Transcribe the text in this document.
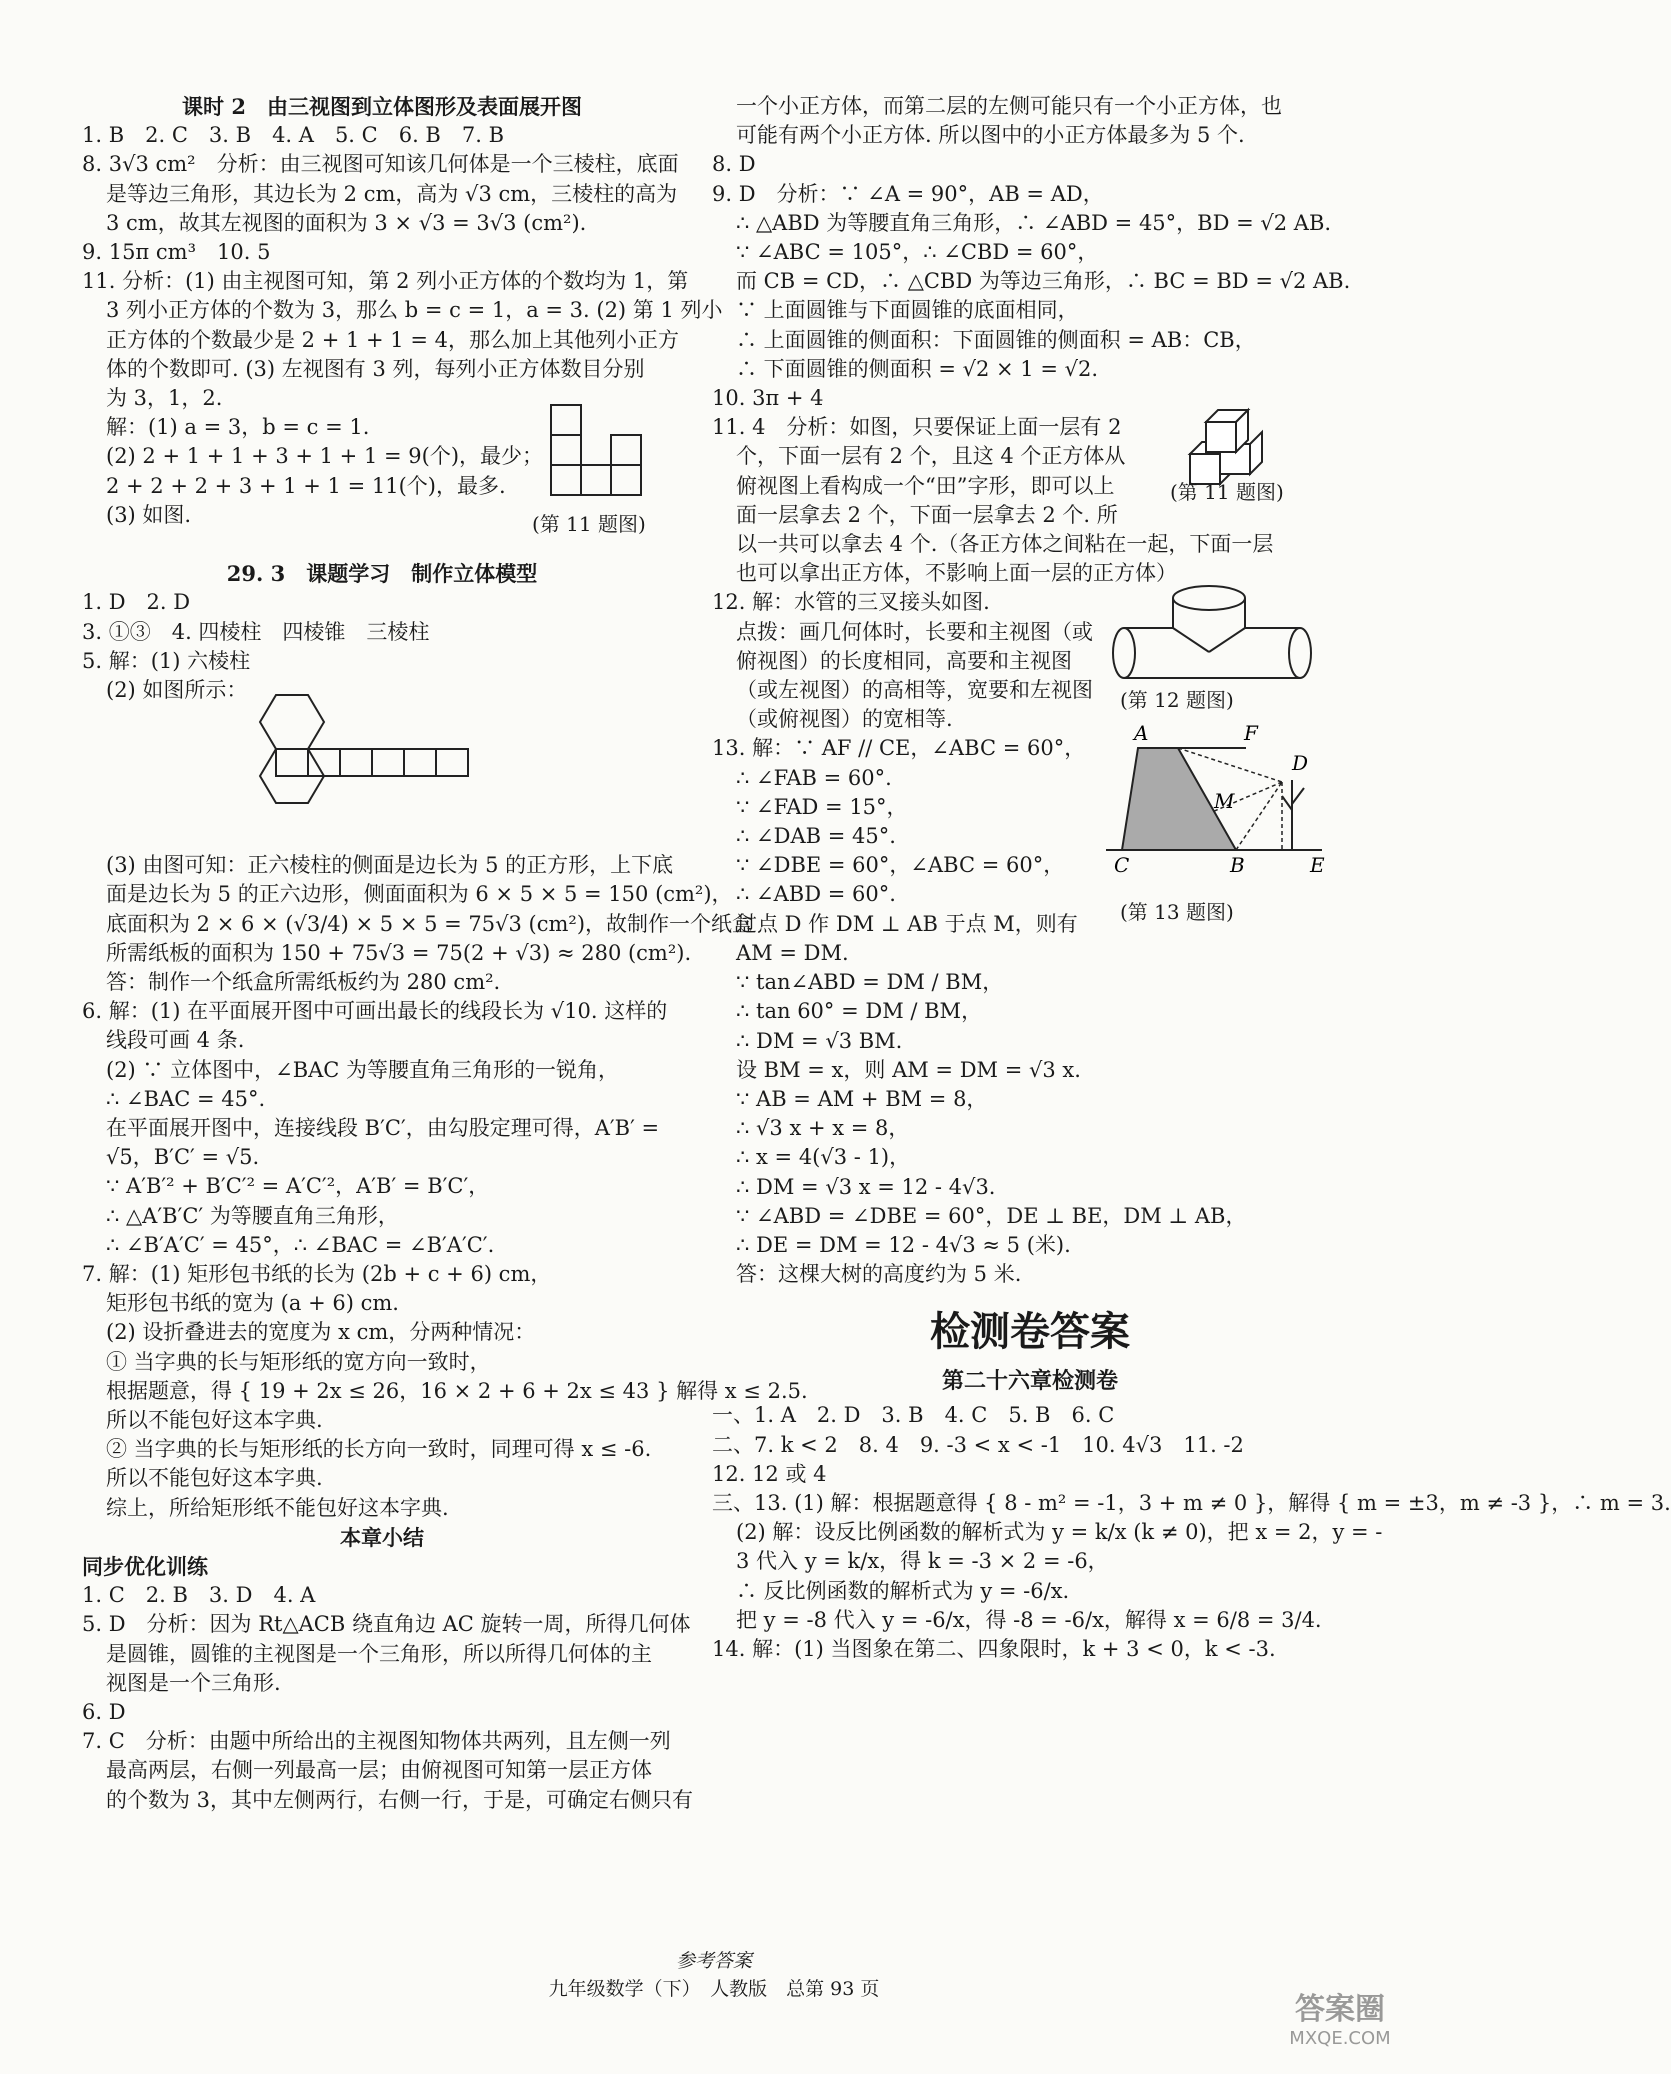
课时 2　由三视图到立体图形及表面展开图
1. B　2. C　3. B　4. A　5. C　6. B　7. B
8. 3√3 cm²　分析：由三视图可知该几何体是一个三棱柱，底面
是等边三角形，其边长为 2 cm，高为 √3 cm，三棱柱的高为
3 cm，故其左视图的面积为 3 × √3 = 3√3 (cm²).
9. 15π cm³　10. 5
11. 分析：(1) 由主视图可知，第 2 列小正方体的个数均为 1，第
3 列小正方体的个数为 3，那么 b = c = 1，a = 3. (2) 第 1 列小
正方体的个数最少是 2 + 1 + 1 = 4，那么加上其他列小正方
体的个数即可. (3) 左视图有 3 列，每列小正方体数目分别
为 3，1，2.
解：(1) a = 3，b = c = 1.
(2) 2 + 1 + 1 + 3 + 1 + 1 = 9(个)，最少；
2 + 2 + 2 + 3 + 1 + 1 = 11(个)，最多.
(3) 如图.
29. 3　课题学习　制作立体模型
1. D　2. D
3. ①③　4. 四棱柱　四棱锥　三棱柱
5. 解：(1) 六棱柱
(2) 如图所示：
(3) 由图可知：正六棱柱的侧面是边长为 5 的正方形，上下底
面是边长为 5 的正六边形，侧面面积为 6 × 5 × 5 = 150 (cm²)，
底面积为 2 × 6 × (√3/4) × 5 × 5 = 75√3 (cm²)，故制作一个纸盒
所需纸板的面积为 150 + 75√3 = 75(2 + √3) ≈ 280 (cm²).
答：制作一个纸盒所需纸板约为 280 cm².
6. 解：(1) 在平面展开图中可画出最长的线段长为 √10. 这样的
线段可画 4 条.
(2) ∵ 立体图中，∠BAC 为等腰直角三角形的一锐角，
∴ ∠BAC = 45°.
在平面展开图中，连接线段 B′C′，由勾股定理可得，A′B′ =
√5，B′C′ = √5.
∵ A′B′² + B′C′² = A′C′²，A′B′ = B′C′，
∴ △A′B′C′ 为等腰直角三角形，
∴ ∠B′A′C′ = 45°，∴ ∠BAC = ∠B′A′C′.
7. 解：(1) 矩形包书纸的长为 (2b + c + 6) cm，
矩形包书纸的宽为 (a + 6) cm.
(2) 设折叠进去的宽度为 x cm，分两种情况：
① 当字典的长与矩形纸的宽方向一致时，
根据题意，得 { 19 + 2x ≤ 26，16 × 2 + 6 + 2x ≤ 43 } 解得 x ≤ 2.5.
所以不能包好这本字典.
② 当字典的长与矩形纸的长方向一致时，同理可得 x ≤ -6.
所以不能包好这本字典.
综上，所给矩形纸不能包好这本字典.
本章小结
同步优化训练
1. C　2. B　3. D　4. A
5. D　分析：因为 Rt△ACB 绕直角边 AC 旋转一周，所得几何体
是圆锥，圆锥的主视图是一个三角形，所以所得几何体的主
视图是一个三角形.
6. D
7. C　分析：由题中所给出的主视图知物体共两列，且左侧一列
最高两层，右侧一列最高一层；由俯视图可知第一层正方体
的个数为 3，其中左侧两行，右侧一行，于是，可确定右侧只有
一个小正方体，而第二层的左侧可能只有一个小正方体，也
可能有两个小正方体. 所以图中的小正方体最多为 5 个.
8. D
9. D　分析：∵ ∠A = 90°，AB = AD，
∴ △ABD 为等腰直角三角形，∴ ∠ABD = 45°，BD = √2 AB.
∵ ∠ABC = 105°，∴ ∠CBD = 60°，
而 CB = CD，∴ △CBD 为等边三角形，∴ BC = BD = √2 AB.
∵ 上面圆锥与下面圆锥的底面相同，
∴ 上面圆锥的侧面积：下面圆锥的侧面积 = AB：CB，
∴ 下面圆锥的侧面积 = √2 × 1 = √2.
10. 3π + 4
11. 4　分析：如图，只要保证上面一层有 2
个，下面一层有 2 个，且这 4 个正方体从
俯视图上看构成一个“田”字形，即可以上
面一层拿去 2 个，下面一层拿去 2 个. 所
以一共可以拿去 4 个.（各正方体之间粘在一起，下面一层
也可以拿出正方体，不影响上面一层的正方体）
12. 解：水管的三叉接头如图.
点拨：画几何体时，长要和主视图（或
俯视图）的长度相同，高要和主视图
（或左视图）的高相等，宽要和左视图
（或俯视图）的宽相等.
13. 解：∵ AF // CE，∠ABC = 60°，
∴ ∠FAB = 60°.
∵ ∠FAD = 15°，
∴ ∠DAB = 45°.
∵ ∠DBE = 60°，∠ABC = 60°，
∴ ∠ABD = 60°.
过点 D 作 DM ⊥ AB 于点 M，则有
AM = DM.
∵ tan∠ABD = DM / BM，
∴ tan 60° = DM / BM，
∴ DM = √3 BM.
设 BM = x，则 AM = DM = √3 x.
∵ AB = AM + BM = 8，
∴ √3 x + x = 8，
∴ x = 4(√3 - 1)，
∴ DM = √3 x = 12 - 4√3.
∵ ∠ABD = ∠DBE = 60°，DE ⊥ BE，DM ⊥ AB，
∴ DE = DM = 12 - 4√3 ≈ 5 (米).
答：这棵大树的高度约为 5 米.
检测卷答案
第二十六章检测卷
一、1. A　2. D　3. B　4. C　5. B　6. C
二、7. k < 2　8. 4　9. -3 < x < -1　10. 4√3　11. -2
12. 12 或 4
三、13. (1) 解：根据题意得 { 8 - m² = -1，3 + m ≠ 0 }，解得 { m = ±3，m ≠ -3 }，∴ m = 3.
(2) 解：设反比例函数的解析式为 y = k/x (k ≠ 0)，把 x = 2，y = -
3 代入 y = k/x，得 k = -3 × 2 = -6，
∴ 反比例函数的解析式为 y = -6/x.
把 y = -8 代入 y = -6/x，得 -8 = -6/x，解得 x = 6/8 = 3/4.
14. 解：(1) 当图象在第二、四象限时，k + 3 < 0，k < -3.
(第 11 题图)
(第 11 题图)
(第 12 题图)
A	F
D
M
C	B	E
(第 13 题图)
参考答案
九年级数学（下）　人教版　总第 93 页
答案圈
MXQE.COM
